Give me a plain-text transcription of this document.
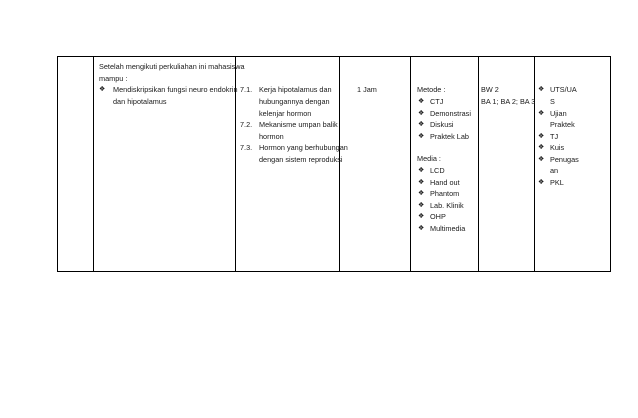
Setelah mengikuti perkuliahan ini mahasiswa
mampu :
❖ Mendiskripsikan fungsi neuro endokrin
dan hipotalamus
7.1. Kerja hipotalamus dan
hubungannya dengan
kelenjar hormon
7.2. Mekanisme umpan balik
hormon
7.3. Hormon yang berhubungan
dengan sistem reproduksi
1 Jam	Metode :
❖ CTJ
❖ Demonstrasi
❖ Diskusi
❖ Praktek Lab
Media :
❖ LCD
❖ Hand out
❖ Phantom
❖ Lab. Klinik
❖ OHP
❖ Multimedia
BW 2
BA 1; BA 2; BA 3
❖ UTS/UA
S
❖ Ujian
Praktek
❖ TJ
❖ Kuis
❖ Penugas
an
❖ PKL
